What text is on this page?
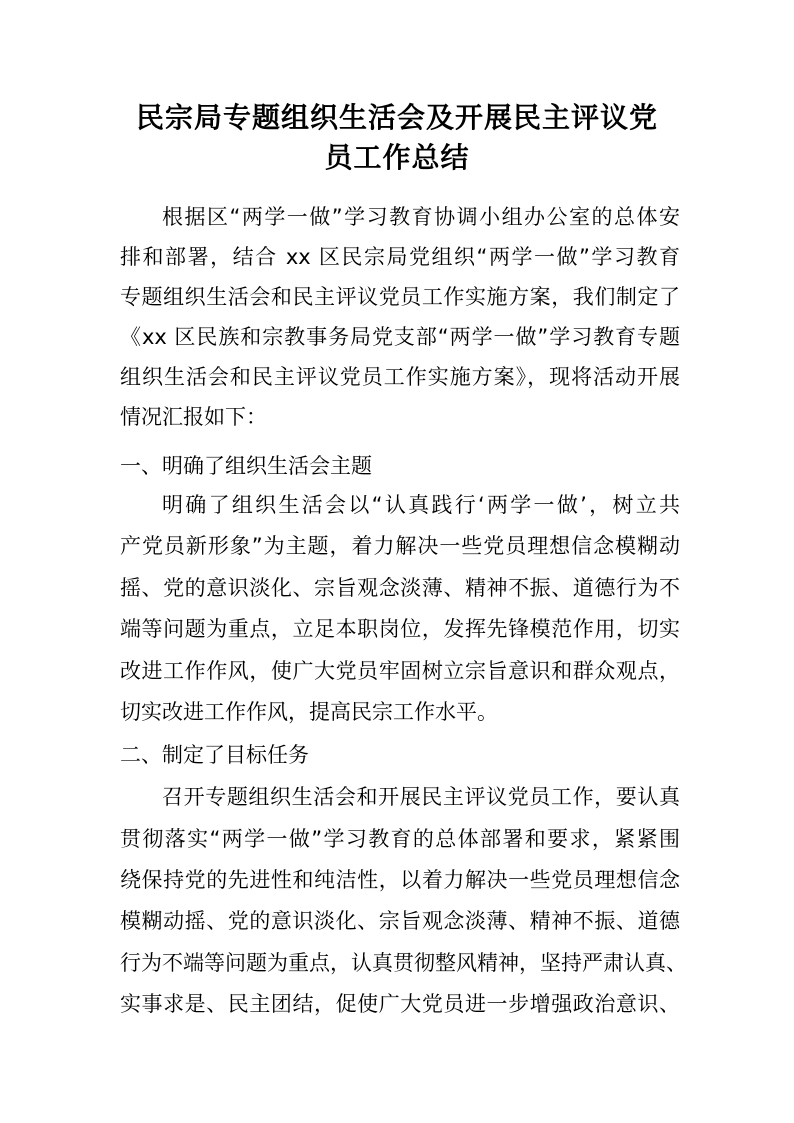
民宗局专题组织生活会及开展民主评议党
员工作总结
根据区“两学一做”学习教育协调小组办公室的总体安
排和部署，结合 xx 区民宗局党组织“两学一做”学习教育
专题组织生活会和民主评议党员工作实施方案，我们制定了
《xx 区民族和宗教事务局党支部“两学一做”学习教育专题
组织生活会和民主评议党员工作实施方案》，现将活动开展
情况汇报如下：
一、明确了组织生活会主题
明确了组织生活会以“认真践行‘两学一做’，树立共
产党员新形象”为主题，着力解决一些党员理想信念模糊动
摇、党的意识淡化、宗旨观念淡薄、精神不振、道德行为不
端等问题为重点，立足本职岗位，发挥先锋模范作用，切实
改进工作作风，使广大党员牢固树立宗旨意识和群众观点，
切实改进工作作风，提高民宗工作水平。
二、制定了目标任务
召开专题组织生活会和开展民主评议党员工作，要认真
贯彻落实“两学一做”学习教育的总体部署和要求，紧紧围
绕保持党的先进性和纯洁性，以着力解决一些党员理想信念
模糊动摇、党的意识淡化、宗旨观念淡薄、精神不振、道德
行为不端等问题为重点，认真贯彻整风精神，坚持严肃认真、
实事求是、民主团结，促使广大党员进一步增强政治意识、
